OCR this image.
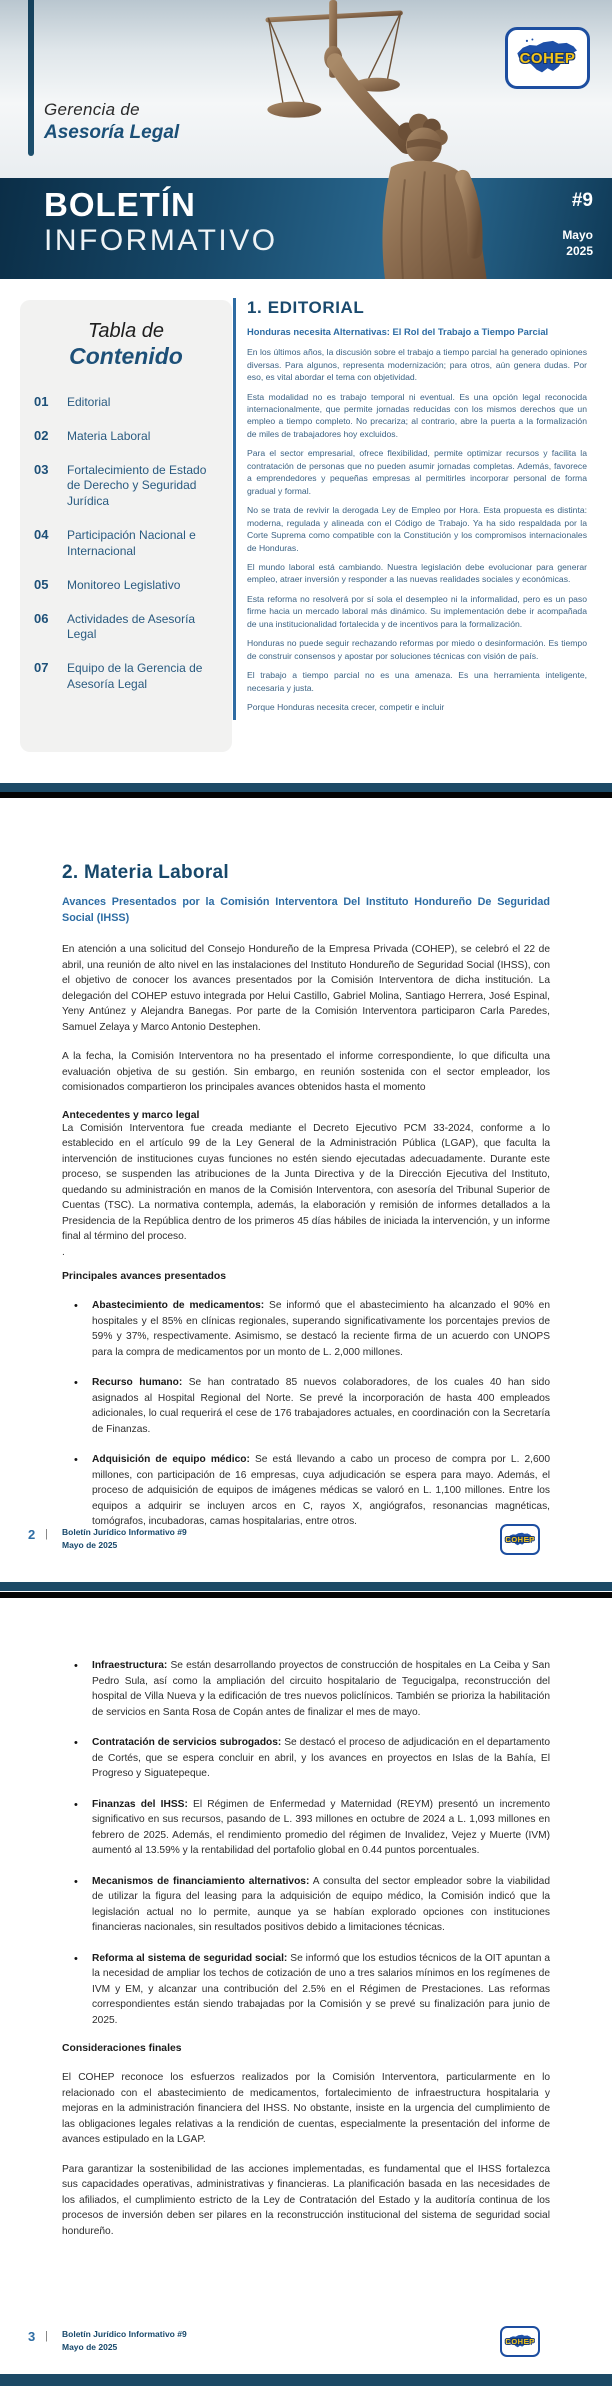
Gerencia de
Asesoría Legal
COHEP
BOLETÍN
INFORMATIVO
#9
Mayo
2025
Tabla de
Contenido
01	Editorial
02	Materia Laboral
03	Fortalecimiento de Estado de Derecho y Seguridad Jurídica
04	Participación Nacional e Internacional
05	Monitoreo Legislativo
06	Actividades de Asesoría Legal
07	Equipo de la Gerencia de Asesoría Legal
1. EDITORIAL
Honduras necesita Alternativas: El Rol del Trabajo a Tiempo Parcial

En los últimos años, la discusión sobre el trabajo a tiempo parcial ha generado opiniones diversas. Para algunos, representa modernización; para otros, aún genera dudas. Por eso, es vital abordar el tema con objetividad.

Esta modalidad no es trabajo temporal ni eventual. Es una opción legal reconocida internacionalmente, que permite jornadas reducidas con los mismos derechos que un empleo a tiempo completo. No precariza; al contrario, abre la puerta a la formalización de miles de trabajadores hoy excluidos.

Para el sector empresarial, ofrece flexibilidad, permite optimizar recursos y facilita la contratación de personas que no pueden asumir jornadas completas. Además, favorece a emprendedores y pequeñas empresas al permitirles incorporar personal de forma gradual y formal.

No se trata de revivir la derogada Ley de Empleo por Hora. Esta propuesta es distinta: moderna, regulada y alineada con el Código de Trabajo. Ya ha sido respaldada por la Corte Suprema como compatible con la Constitución y los compromisos internacionales de Honduras.

El mundo laboral está cambiando. Nuestra legislación debe evolucionar para generar empleo, atraer inversión y responder a las nuevas realidades sociales y económicas.

Esta reforma no resolverá por sí sola el desempleo ni la informalidad, pero es un paso firme hacia un mercado laboral más dinámico. Su implementación debe ir acompañada de una institucionalidad fortalecida y de incentivos para la formalización.

Honduras no puede seguir rechazando reformas por miedo o desinformación. Es tiempo de construir consensos y apostar por soluciones técnicas con visión de país.

El trabajo a tiempo parcial no es una amenaza. Es una herramienta inteligente, necesaria y justa.

Porque Honduras necesita crecer, competir e incluir

2. Materia Laboral
Avances Presentados por la Comisión Interventora Del Instituto Hondureño De Seguridad Social (IHSS)

En atención a una solicitud del Consejo Hondureño de la Empresa Privada (COHEP), se celebró el 22 de abril, una reunión de alto nivel en las instalaciones del Instituto Hondureño de Seguridad Social (IHSS), con el objetivo de conocer los avances presentados por la Comisión Interventora de dicha institución. La delegación del COHEP estuvo integrada por Helui Castillo, Gabriel Molina, Santiago Herrera, José Espinal, Yeny Antúnez y Alejandra Banegas. Por parte de la Comisión Interventora participaron Carla Paredes, Samuel Zelaya y Marco Antonio Destephen.

A la fecha, la Comisión Interventora no ha presentado el informe correspondiente, lo que dificulta una evaluación objetiva de su gestión. Sin embargo, en reunión sostenida con el sector empleador, los comisionados compartieron los principales avances obtenidos hasta el momento

Antecedentes y marco legal

La Comisión Interventora fue creada mediante el Decreto Ejecutivo PCM 33-2024, conforme a lo establecido en el artículo 99 de la Ley General de la Administración Pública (LGAP), que faculta la intervención de instituciones cuyas funciones no estén siendo ejecutadas adecuadamente. Durante este proceso, se suspenden las atribuciones de la Junta Directiva y de la Dirección Ejecutiva del Instituto, quedando su administración en manos de la Comisión Interventora, con asesoría del Tribunal Superior de Cuentas (TSC). La normativa contempla, además, la elaboración y remisión de informes detallados a la Presidencia de la República dentro de los primeros 45 días hábiles de iniciada la intervención, y un informe final al término del proceso.

.

Principales avances presentados
• Abastecimiento de medicamentos: Se informó que el abastecimiento ha alcanzado el 90% en hospitales y el 85% en clínicas regionales, superando significativamente los porcentajes previos de 59% y 37%, respectivamente. Asimismo, se destacó la reciente firma de un acuerdo con UNOPS para la compra de medicamentos por un monto de L. 2,000 millones.
• Recurso humano: Se han contratado 85 nuevos colaboradores, de los cuales 40 han sido asignados al Hospital Regional del Norte. Se prevé la incorporación de hasta 400 empleados adicionales, lo cual requerirá el cese de 176 trabajadores actuales, en coordinación con la Secretaría de Finanzas.
• Adquisición de equipo médico: Se está llevando a cabo un proceso de compra por L. 2,600 millones, con participación de 16 empresas, cuya adjudicación se espera para mayo. Además, el proceso de adquisición de equipos de imágenes médicas se valoró en L. 1,100 millones. Entre los equipos a adquirir se incluyen arcos en C, rayos X, angiógrafos, resonancias magnéticas, tomógrafos, incubadoras, camas hospitalarias, entre otros.
2 | Boletín Jurídico Informativo #9
Mayo de 2025
COHEP
• Infraestructura: Se están desarrollando proyectos de construcción de hospitales en La Ceiba y San Pedro Sula, así como la ampliación del circuito hospitalario de Tegucigalpa, reconstrucción del hospital de Villa Nueva y la edificación de tres nuevos policlínicos. También se prioriza la habilitación de servicios en Santa Rosa de Copán antes de finalizar el mes de mayo.
• Contratación de servicios subrogados: Se destacó el proceso de adjudicación en el departamento de Cortés, que se espera concluir en abril, y los avances en proyectos en Islas de la Bahía, El Progreso y Siguatepeque.
• Finanzas del IHSS: El Régimen de Enfermedad y Maternidad (REYM) presentó un incremento significativo en sus recursos, pasando de L. 393 millones en octubre de 2024 a L. 1,093 millones en febrero de 2025. Además, el rendimiento promedio del régimen de Invalidez, Vejez y Muerte (IVM) aumentó al 13.59% y la rentabilidad del portafolio global en 0.44 puntos porcentuales.
• Mecanismos de financiamiento alternativos: A consulta del sector empleador sobre la viabilidad de utilizar la figura del leasing para la adquisición de equipo médico, la Comisión indicó que la legislación actual no lo permite, aunque ya se habían explorado opciones con instituciones financieras nacionales, sin resultados positivos debido a limitaciones técnicas.
• Reforma al sistema de seguridad social: Se informó que los estudios técnicos de la OIT apuntan a la necesidad de ampliar los techos de cotización de uno a tres salarios mínimos en los regímenes de IVM y EM, y alcanzar una contribución del 2.5% en el Régimen de Prestaciones. Las reformas correspondientes están siendo trabajadas por la Comisión y se prevé su finalización para junio de 2025.
Consideraciones finales

El COHEP reconoce los esfuerzos realizados por la Comisión Interventora, particularmente en lo relacionado con el abastecimiento de medicamentos, fortalecimiento de infraestructura hospitalaria y mejoras en la administración financiera del IHSS. No obstante, insiste en la urgencia del cumplimiento de las obligaciones legales relativas a la rendición de cuentas, especialmente la presentación del informe de avances estipulado en la LGAP.

Para garantizar la sostenibilidad de las acciones implementadas, es fundamental que el IHSS fortalezca sus capacidades operativas, administrativas y financieras. La planificación basada en las necesidades de los afiliados, el cumplimiento estricto de la Ley de Contratación del Estado y la auditoría continua de los procesos de inversión deben ser pilares en la reconstrucción institucional del sistema de seguridad social hondureño.

3 | Boletín Jurídico Informativo #9
Mayo de 2025
COHEP
